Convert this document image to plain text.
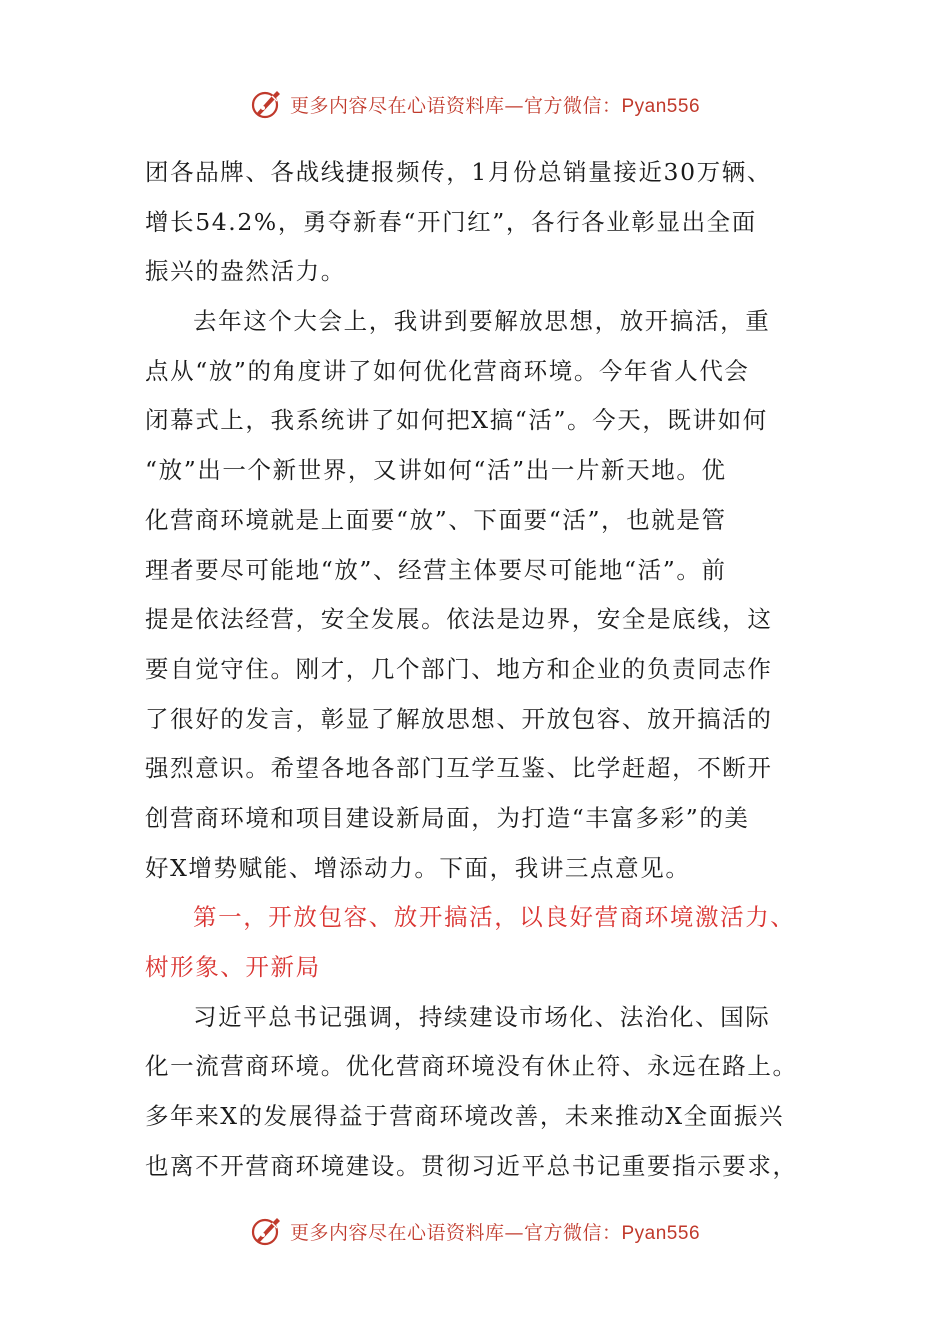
更多内容尽在心语资料库—官方微信：Pyan556
团各品牌、各战线捷报频传，1月份总销量接近30万辆、
增长54.2%，勇夺新春“开门红”，各行各业彰显出全面
振兴的盎然活力。
去年这个大会上，我讲到要解放思想，放开搞活，重
点从“放”的角度讲了如何优化营商环境。今年省人代会
闭幕式上，我系统讲了如何把X搞“活”。今天，既讲如何
“放”出一个新世界，又讲如何“活”出一片新天地。优
化营商环境就是上面要“放”、下面要“活”，也就是管
理者要尽可能地“放”、经营主体要尽可能地“活”。前
提是依法经营，安全发展。依法是边界，安全是底线，这
要自觉守住。刚才，几个部门、地方和企业的负责同志作
了很好的发言，彰显了解放思想、开放包容、放开搞活的
强烈意识。希望各地各部门互学互鉴、比学赶超，不断开
创营商环境和项目建设新局面，为打造“丰富多彩”的美
好X增势赋能、增添动力。下面，我讲三点意见。
第一，开放包容、放开搞活，以良好营商环境激活力、
树形象、开新局
习近平总书记强调，持续建设市场化、法治化、国际
化一流营商环境。优化营商环境没有休止符、永远在路上。
多年来X的发展得益于营商环境改善，未来推动X全面振兴
也离不开营商环境建设。贯彻习近平总书记重要指示要求，
更多内容尽在心语资料库—官方微信：Pyan556
